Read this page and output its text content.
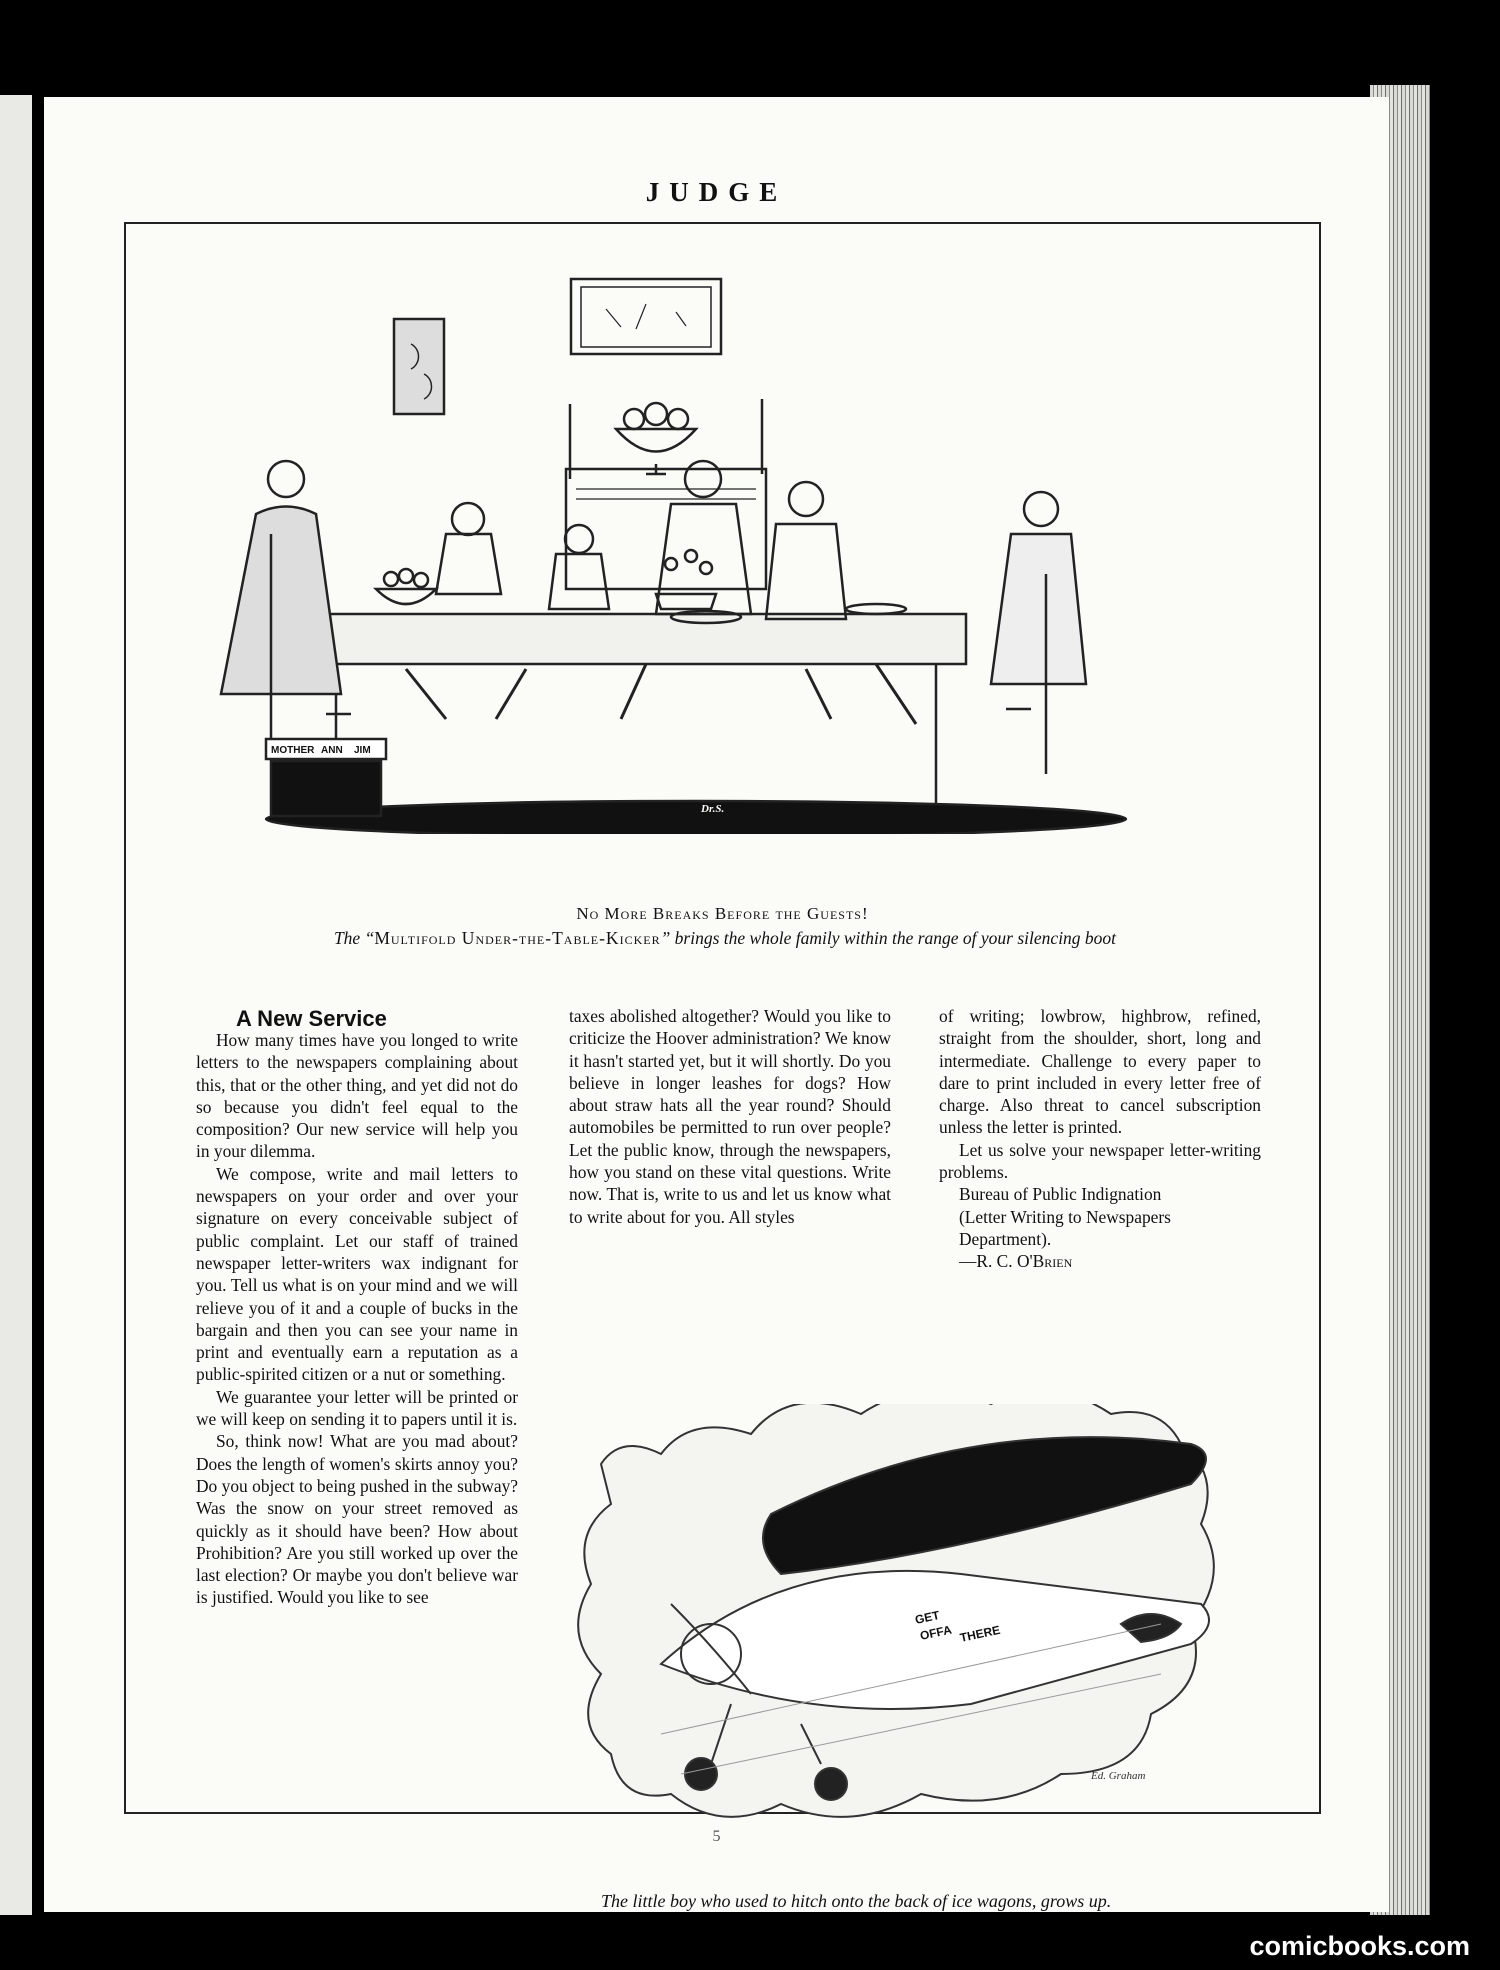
JUDGE
MOTHER ANN JIM
Dr.S.
No More Breaks Before the Guests!
The “Multifold Under-the-Table-Kicker” brings the whole family within the range of your silencing boot
A New Service

How many times have you longed to write letters to the newspapers complaining about this, that or the other thing, and yet did not do so because you didn't feel equal to the composition? Our new service will help you in your dilemma.

We compose, write and mail letters to newspapers on your order and over your signature on every conceivable subject of public complaint. Let our staff of trained newspaper letter-writers wax indignant for you. Tell us what is on your mind and we will relieve you of it and a couple of bucks in the bargain and then you can see your name in print and eventually earn a reputation as a public-spirited citizen or a nut or something.

We guarantee your letter will be printed or we will keep on sending it to papers until it is.

So, think now! What are you mad about? Does the length of women's skirts annoy you? Do you object to being pushed in the subway? Was the snow on your street removed as quickly as it should have been? How about Prohibition? Are you still worked up over the last election? Or maybe you don't believe war is justified. Would you like to see

taxes abolished altogether? Would you like to criticize the Hoover administration? We know it hasn't started yet, but it will shortly. Do you believe in longer leashes for dogs? How about straw hats all the year round? Should automobiles be permitted to run over people? Let the public know, through the newspapers, how you stand on these vital questions. Write now. That is, write to us and let us know what to write about for you. All styles

of writing; lowbrow, highbrow, refined, straight from the shoulder, short, long and intermediate. Challenge to every paper to dare to print included in every letter free of charge. Also threat to cancel subscription unless the letter is printed.

Let us solve your newspaper letter-writing problems.

Bureau of Public Indignation

(Letter Writing to Newspapers

Department).

—R. C. O'Brien

GET
OFFA THERE
Ed. Graham
The little boy who used to hitch onto the back of ice wagons, grows up.
5
comicbooks.com
